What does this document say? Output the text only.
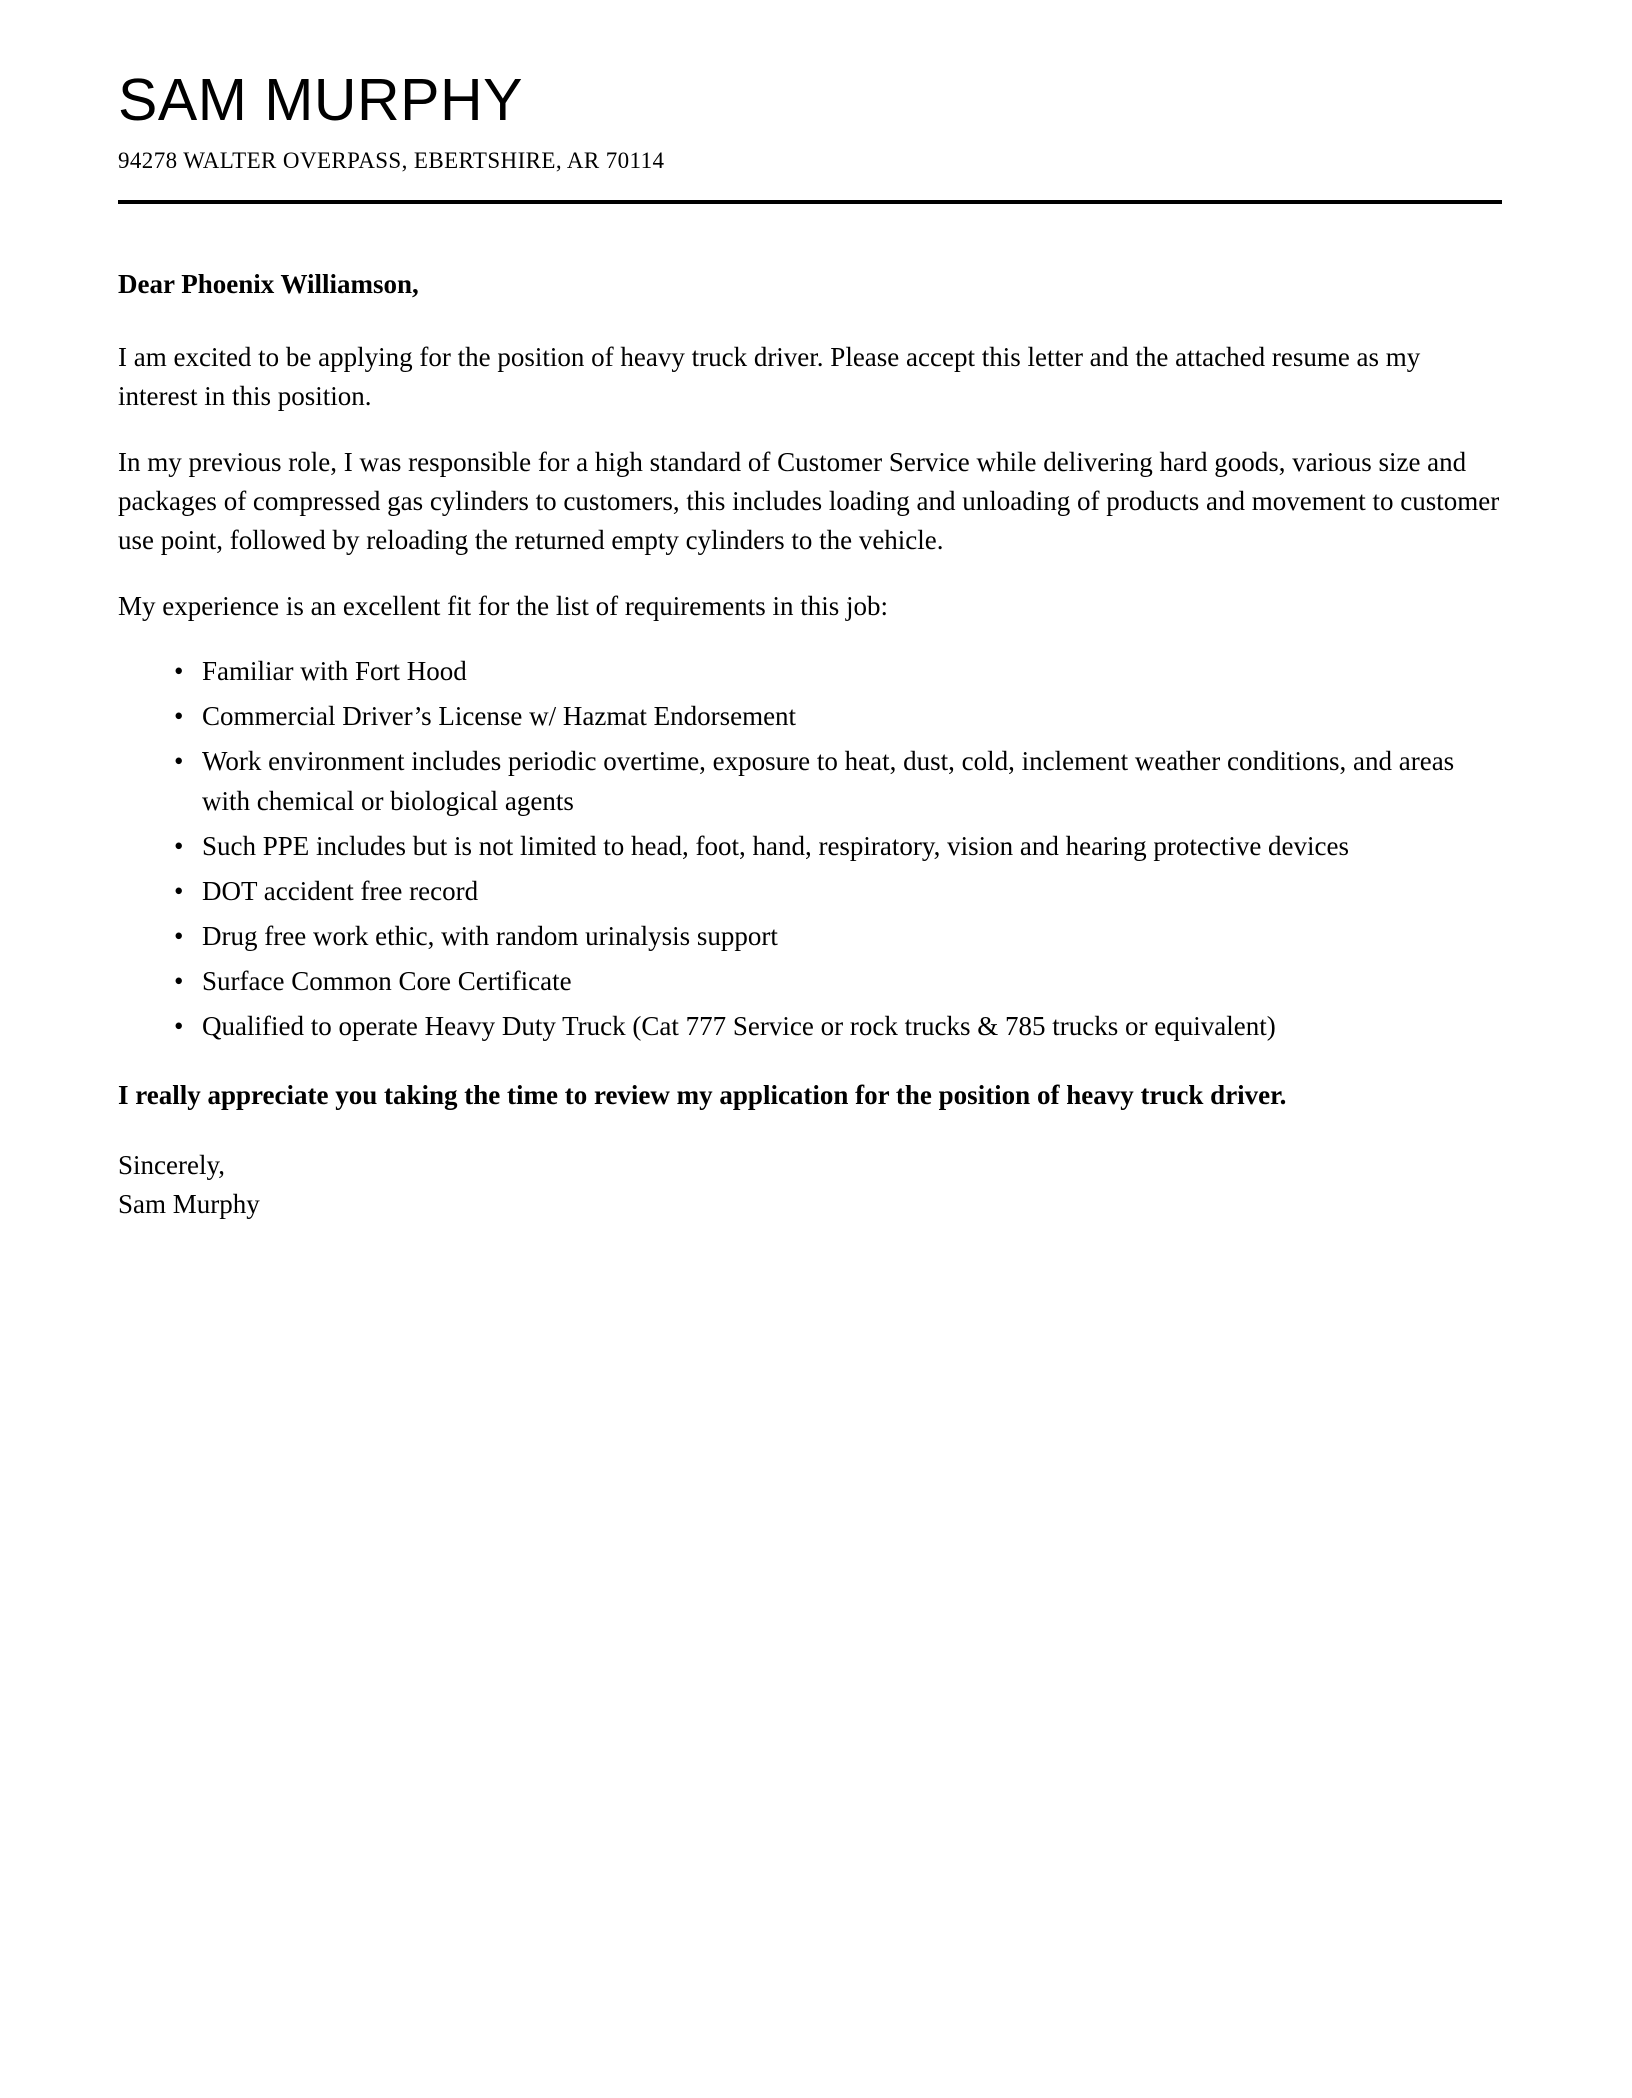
SAM MURPHY

94278 WALTER OVERPASS, EBERTSHIRE, AR 70114

Dear Phoenix Williamson,

I am excited to be applying for the position of heavy truck driver. Please accept this letter and the attached resume as my interest in this position.

In my previous role, I was responsible for a high standard of Customer Service while delivering hard goods, various size and packages of compressed gas cylinders to customers, this includes loading and unloading of products and movement to customer use point, followed by reloading the returned empty cylinders to the vehicle.

My experience is an excellent fit for the list of requirements in this job:

• Familiar with Fort Hood
• Commercial Driver’s License w/ Hazmat Endorsement
• Work environment includes periodic overtime, exposure to heat, dust, cold, inclement weather conditions, and areas with chemical or biological agents
• Such PPE includes but is not limited to head, foot, hand, respiratory, vision and hearing protective devices
• DOT accident free record
• Drug free work ethic, with random urinalysis support
• Surface Common Core Certificate
• Qualified to operate Heavy Duty Truck (Cat 777 Service or rock trucks & 785 trucks or equivalent)

I really appreciate you taking the time to review my application for the position of heavy truck driver.

Sincerely,
Sam Murphy
